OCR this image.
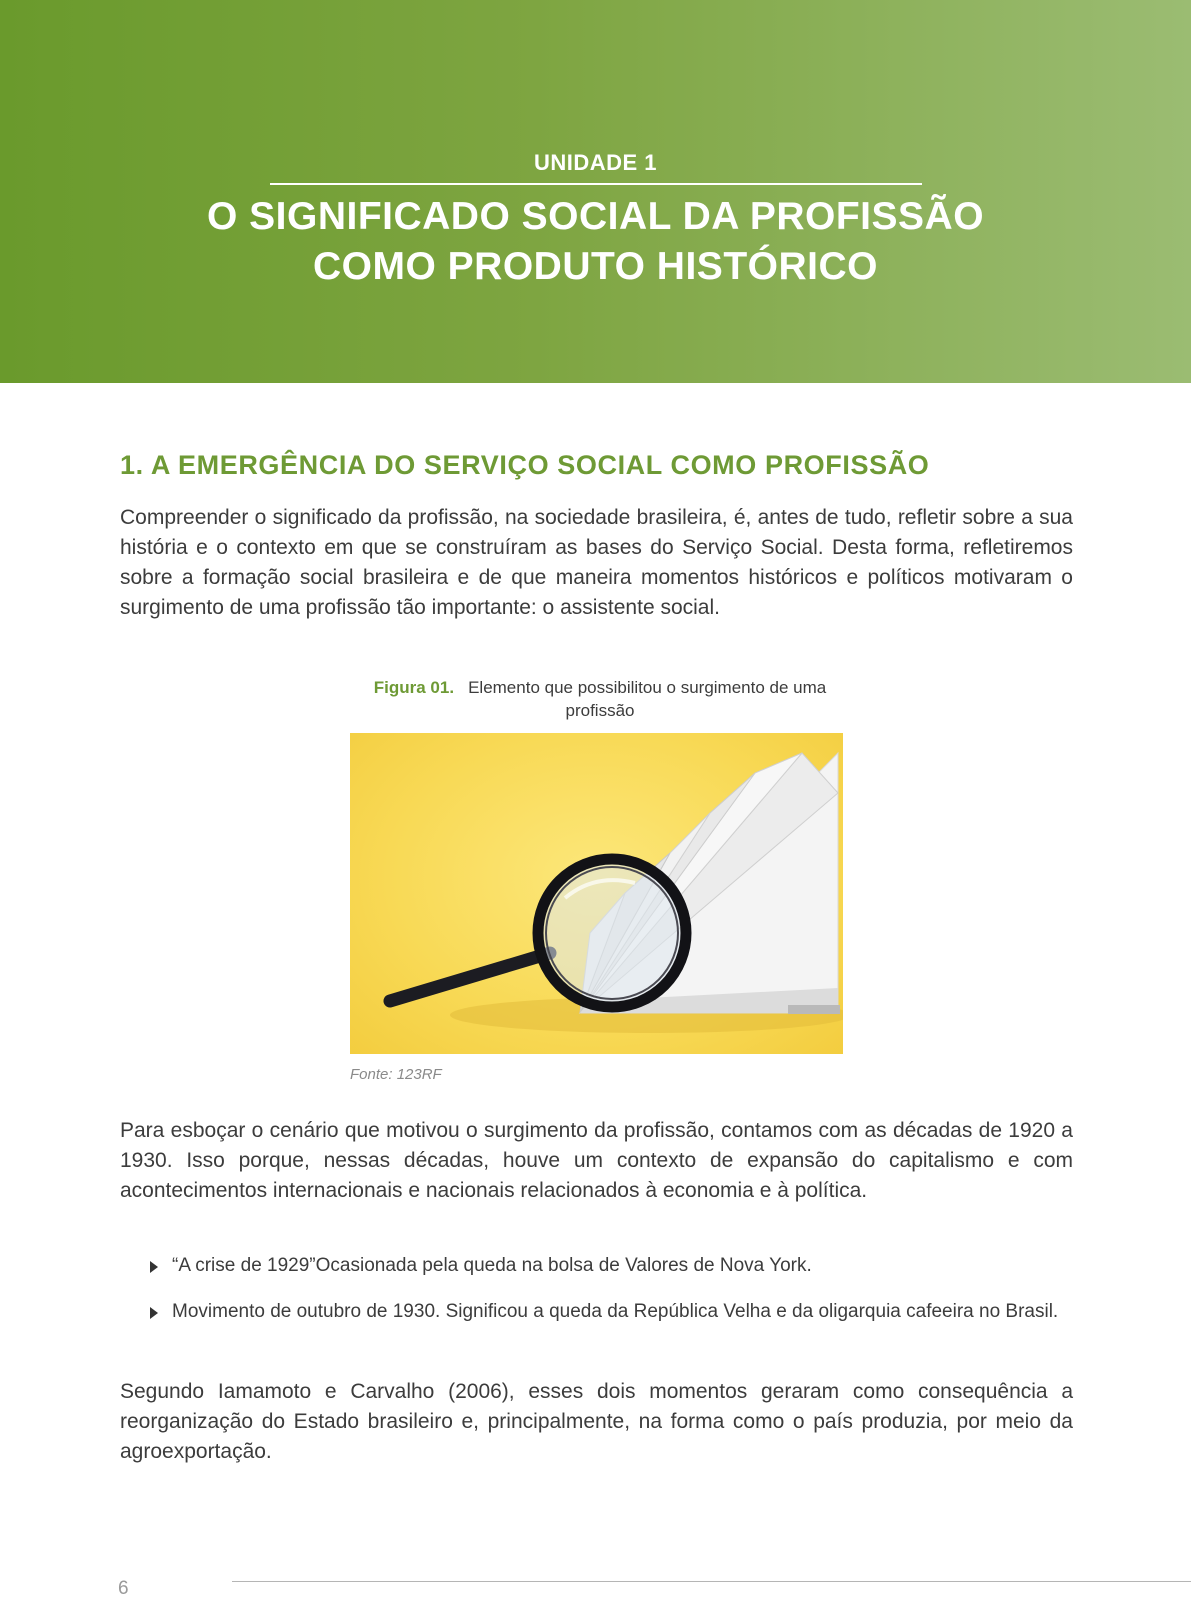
UNIDADE 1
O SIGNIFICADO SOCIAL DA PROFISSÃO
COMO PRODUTO HISTÓRICO
1. A EMERGÊNCIA DO SERVIÇO SOCIAL COMO PROFISSÃO

Compreender o significado da profissão, na sociedade brasileira, é, antes de tudo, refletir sobre a sua história e o contexto em que se construíram as bases do Serviço Social. Desta forma, refletiremos sobre a formação social brasileira e de que maneira momentos históricos e políticos motivaram o surgimento de uma profissão tão importante: o assistente social.

Figura 01. Elemento que possibilitou o surgimento de uma profissão
Fonte: 123RF

Para esboçar o cenário que motivou o surgimento da profissão, contamos com as décadas de 1920 a 1930. Isso porque, nessas décadas, houve um contexto de expansão do capitalismo e com acontecimentos internacionais e nacionais relacionados à economia e à política.

“A crise de 1929”Ocasionada pela queda na bolsa de Valores de Nova York.
Movimento de outubro de 1930. Significou a queda da República Velha e da oligarquia cafeeira no Brasil.

Segundo Iamamoto e Carvalho (2006), esses dois momentos geraram como consequência a reorganização do Estado brasileiro e, principalmente, na forma como o país produzia, por meio da agroexportação.

6
